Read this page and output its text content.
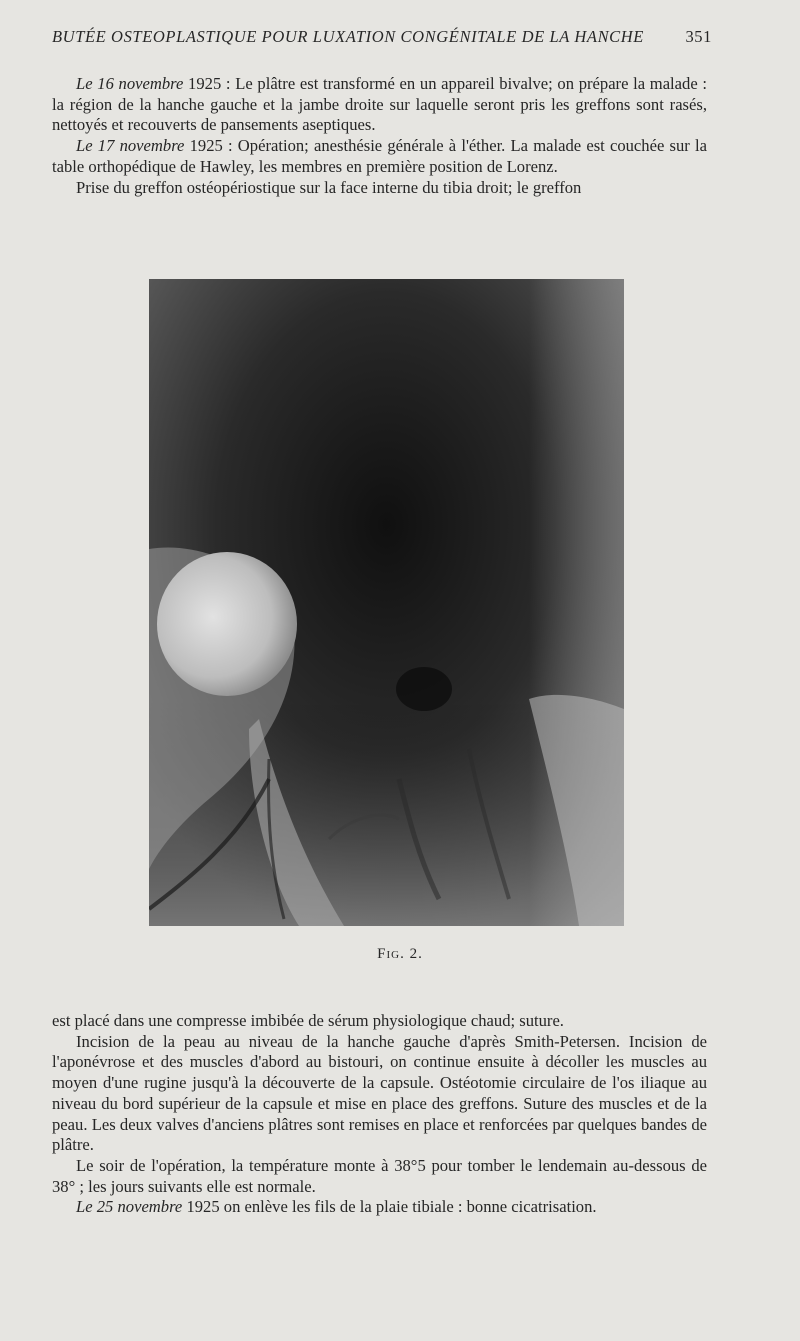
BUTÉE OSTEOPLASTIQUE POUR LUXATION CONGÉNITALE DE LA HANCHE	351

Le 16 novembre 1925 : Le plâtre est transformé en un appareil bivalve; on prépare la malade : la région de la hanche gauche et la jambe droite sur laquelle seront pris les greffons sont rasés, nettoyés et recouverts de pansements aseptiques.

Le 17 novembre 1925 : Opération; anesthésie générale à l'éther. La malade est couchée sur la table orthopédique de Hawley, les membres en première position de Lorenz.

Prise du greffon ostéopériostique sur la face interne du tibia droit; le greffon

Fig. 2.

est placé dans une compresse imbibée de sérum physiologique chaud; suture.

Incision de la peau au niveau de la hanche gauche d'après Smith-Petersen. Incision de l'aponévrose et des muscles d'abord au bistouri, on continue ensuite à décoller les muscles au moyen d'une rugine jusqu'à la découverte de la capsule. Ostéotomie circulaire de l'os iliaque au niveau du bord supérieur de la capsule et mise en place des greffons. Suture des muscles et de la peau. Les deux valves d'anciens plâtres sont remises en place et renforcées par quelques bandes de plâtre.

Le soir de l'opération, la température monte à 38°5 pour tomber le lendemain au-dessous de 38° ; les jours suivants elle est normale.

Le 25 novembre 1925 on enlève les fils de la plaie tibiale : bonne cicatrisation.
